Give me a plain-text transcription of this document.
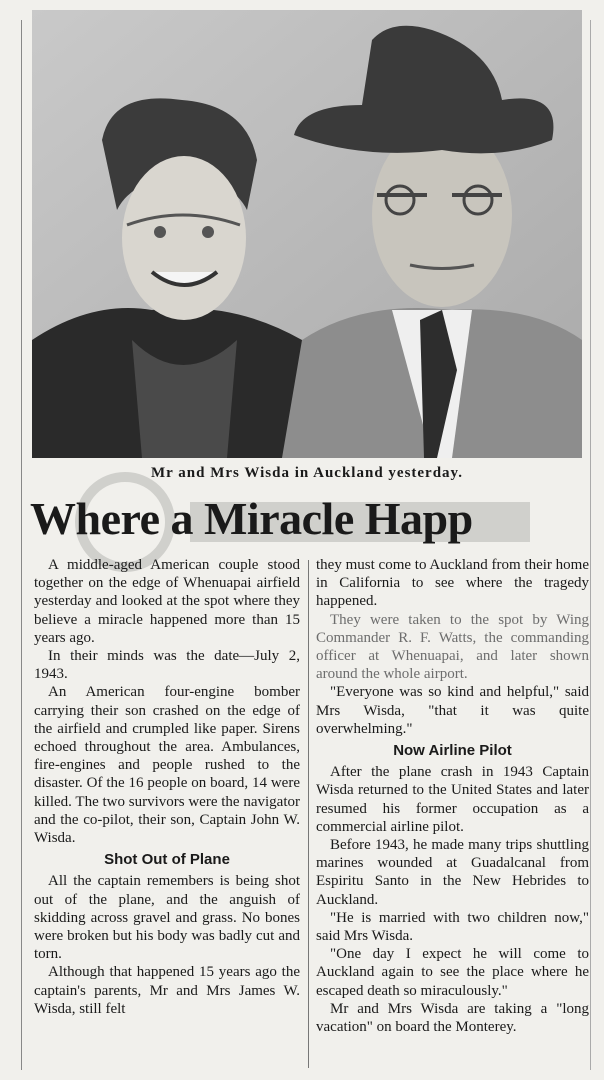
Mr and Mrs Wisda in Auckland yesterday.
Where a Miracle Happ

A middle-aged American couple stood together on the edge of Whenuapai airfield yesterday and looked at the spot where they believe a miracle happened more than 15 years ago.

In their minds was the date—July 2, 1943.

An American four-engine bomber carrying their son crashed on the edge of the airfield and crumpled like paper. Sirens echoed throughout the area. Ambulances, fire-engines and people rushed to the disaster. Of the 16 people on board, 14 were killed. The two survivors were the navigator and the co-pilot, their son, Captain John W. Wisda.

Shot Out of Plane

All the captain remembers is being shot out of the plane, and the anguish of skidding across gravel and grass. No bones were broken but his body was badly cut and torn.

Although that happened 15 years ago the captain's parents, Mr and Mrs James W. Wisda, still felt

they must come to Auckland from their home in California to see where the tragedy happened.

They were taken to the spot by Wing Commander R. F. Watts, the commanding officer at Whenuapai, and later shown around the whole airport.

"Everyone was so kind and helpful," said Mrs Wisda, "that it was quite overwhelming."

Now Airline Pilot

After the plane crash in 1943 Captain Wisda returned to the United States and later resumed his former occupation as a commercial airline pilot.

Before 1943, he made many trips shuttling marines wounded at Guadalcanal from Espiritu Santo in the New Hebrides to Auckland.

"He is married with two children now," said Mrs Wisda.

"One day I expect he will come to Auckland again to see the place where he escaped death so miraculously."

Mr and Mrs Wisda are taking a "long vacation" on board the Monterey.
